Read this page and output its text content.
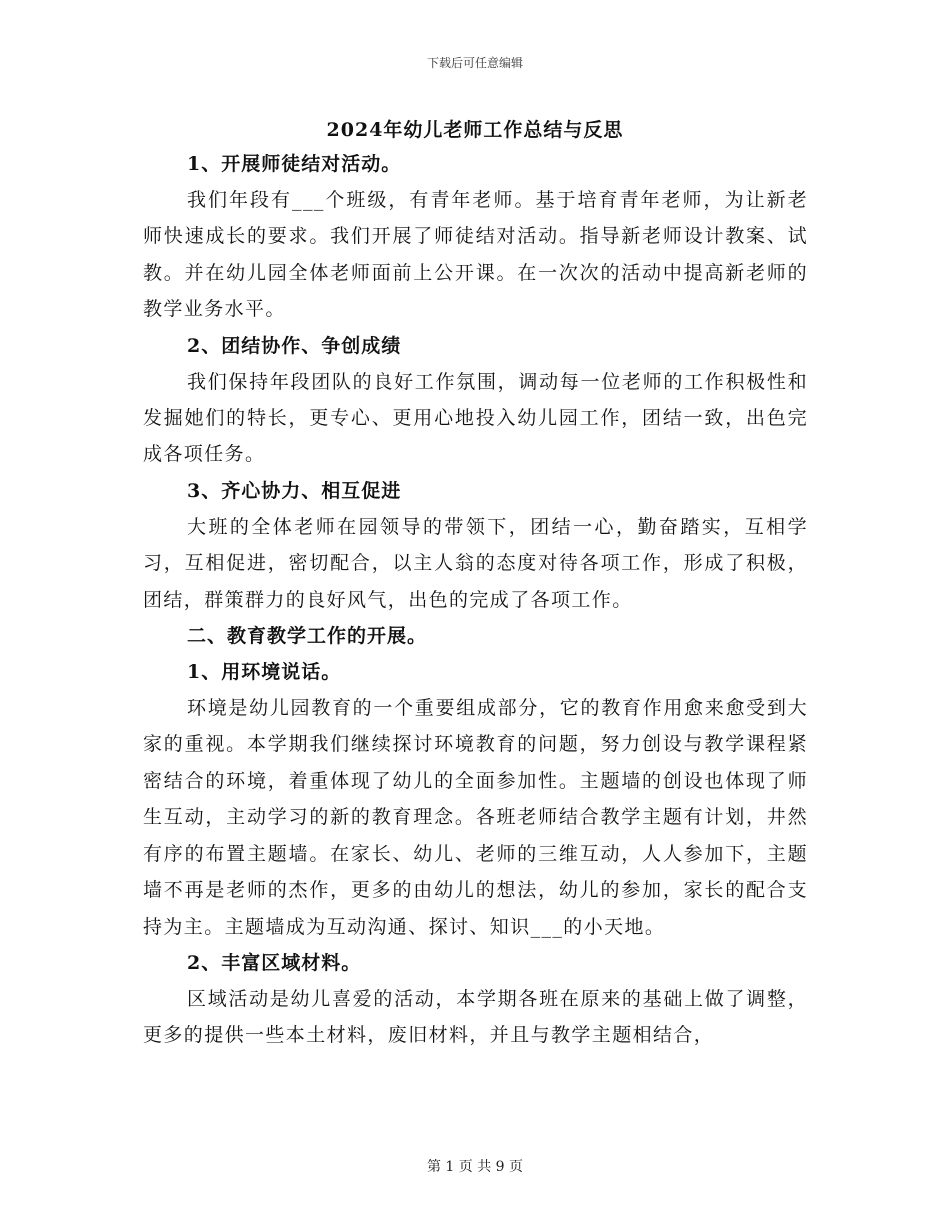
下载后可任意编辑
2024年幼儿老师工作总结与反思

1、开展师徒结对活动。

我们年段有___个班级，有青年老师。基于培育青年老师，为让新老师快速成长的要求。我们开展了师徒结对活动。指导新老师设计教案、试教。并在幼儿园全体老师面前上公开课。在一次次的活动中提高新老师的教学业务水平。

2、团结协作、争创成绩

我们保持年段团队的良好工作氛围，调动每一位老师的工作积极性和发掘她们的特长，更专心、更用心地投入幼儿园工作，团结一致，出色完成各项任务。

3、齐心协力、相互促进

大班的全体老师在园领导的带领下，团结一心，勤奋踏实，互相学习，互相促进，密切配合，以主人翁的态度对待各项工作，形成了积极，团结，群策群力的良好风气，出色的完成了各项工作。

二、教育教学工作的开展。

1、用环境说话。

环境是幼儿园教育的一个重要组成部分，它的教育作用愈来愈受到大家的重视。本学期我们继续探讨环境教育的问题，努力创设与教学课程紧密结合的环境，着重体现了幼儿的全面参加性。主题墙的创设也体现了师生互动，主动学习的新的教育理念。各班老师结合教学主题有计划，井然有序的布置主题墙。在家长、幼儿、老师的三维互动，人人参加下，主题墙不再是老师的杰作，更多的由幼儿的想法，幼儿的参加，家长的配合支持为主。主题墙成为互动沟通、探讨、知识___的小天地。

2、丰富区域材料。

区域活动是幼儿喜爱的活动，本学期各班在原来的基础上做了调整，更多的提供一些本土材料，废旧材料，并且与教学主题相结合，

第 1 页 共 9 页
